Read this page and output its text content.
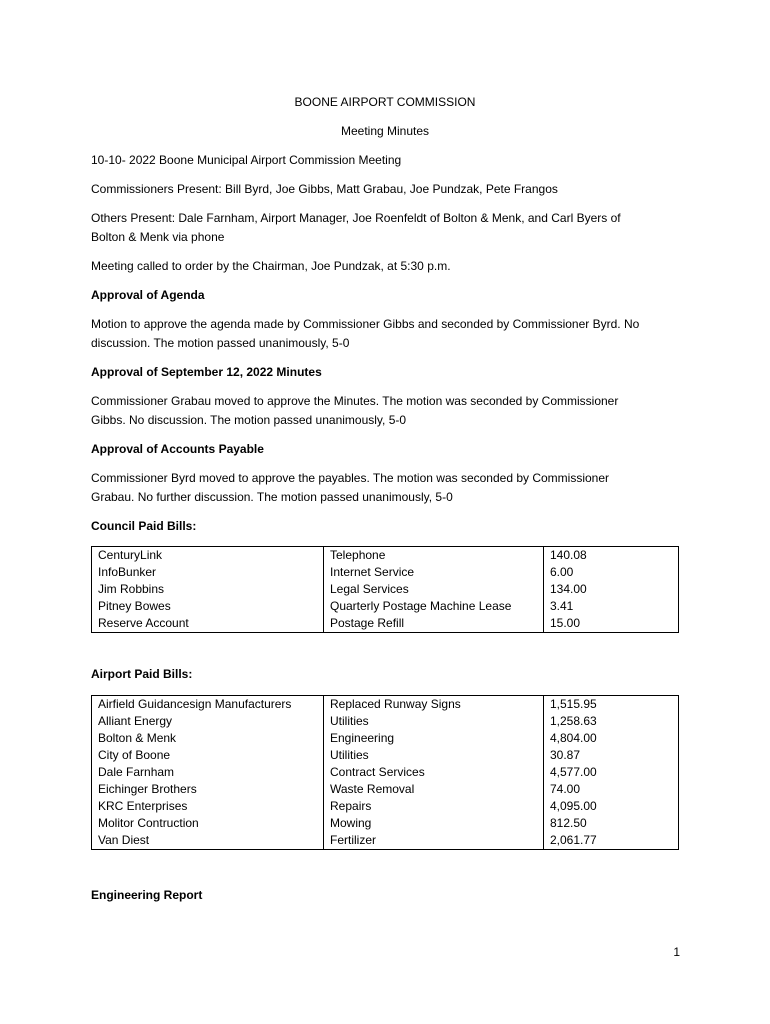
BOONE AIRPORT COMMISSION
Meeting Minutes
10-10- 2022 Boone Municipal Airport Commission Meeting
Commissioners Present: Bill Byrd, Joe Gibbs, Matt Grabau, Joe Pundzak, Pete Frangos
Others Present: Dale Farnham, Airport Manager, Joe Roenfeldt of Bolton & Menk, and Carl Byers of
Bolton & Menk via phone
Meeting called to order by the Chairman, Joe Pundzak, at 5:30 p.m.
Approval of Agenda
Motion to approve the agenda made by Commissioner Gibbs and seconded by Commissioner Byrd. No
discussion. The motion passed unanimously, 5-0
Approval of September 12, 2022 Minutes
Commissioner Grabau moved to approve the Minutes. The motion was seconded by Commissioner
Gibbs. No discussion. The motion passed unanimously, 5-0
Approval of Accounts Payable
Commissioner Byrd moved to approve the payables. The motion was seconded by Commissioner
Grabau. No further discussion. The motion passed unanimously, 5-0
Council Paid Bills:
CenturyLink	Telephone	140.08
InfoBunker	Internet Service	6.00
Jim Robbins	Legal Services	134.00
Pitney Bowes	Quarterly Postage Machine Lease	3.41
Reserve Account	Postage Refill	15.00
Airport Paid Bills:
Airfield Guidancesign Manufacturers	Replaced Runway Signs	1,515.95
Alliant Energy	Utilities	1,258.63
Bolton & Menk	Engineering	4,804.00
City of Boone	Utilities	30.87
Dale Farnham	Contract Services	4,577.00
Eichinger Brothers	Waste Removal	74.00
KRC Enterprises	Repairs	4,095.00
Molitor Contruction	Mowing	812.50
Van Diest	Fertilizer	2,061.77
Engineering Report
1
